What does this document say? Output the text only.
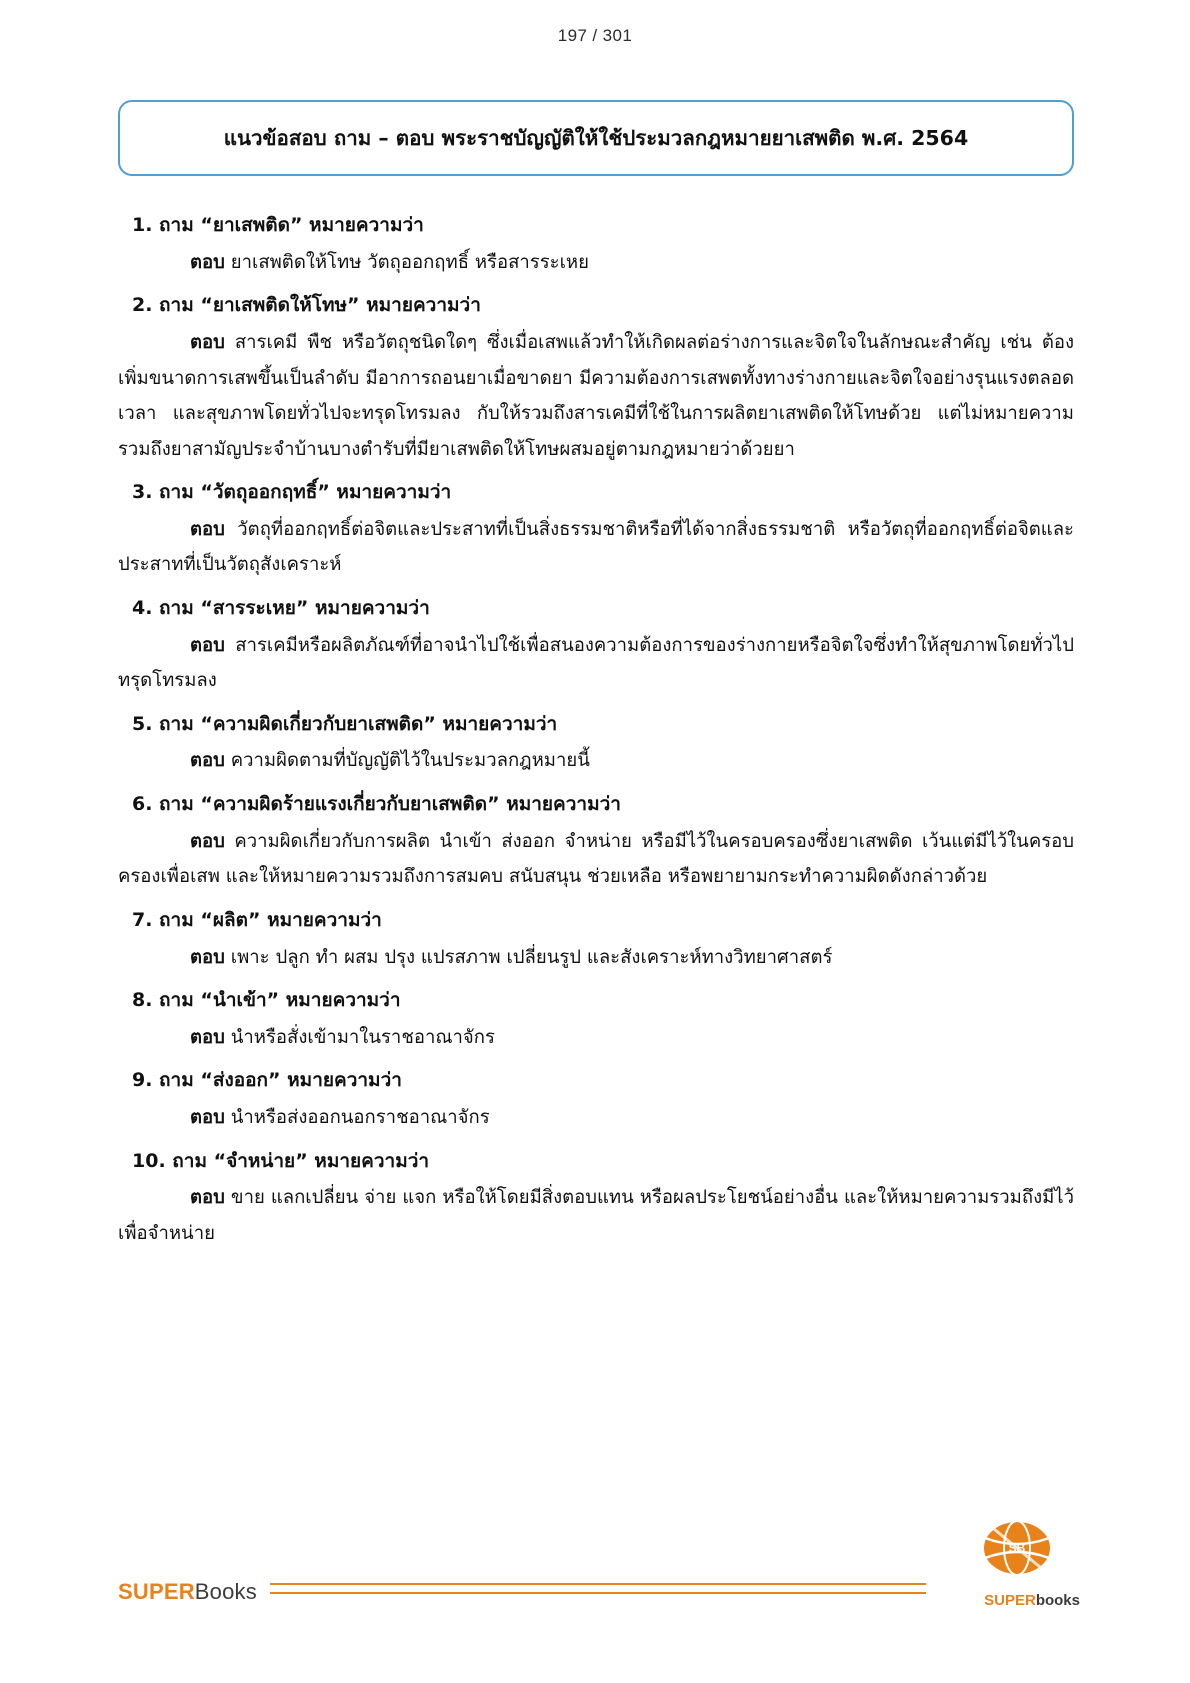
197 / 301
แนวข้อสอบ ถาม – ตอบ พระราชบัญญัติให้ใช้ประมวลกฎหมายยาเสพติด พ.ศ. 2564

1. ถาม “ยาเสพติด” หมายความว่า

ตอบ ยาเสพติดให้โทษ วัตถุออกฤทธิ์ หรือสารระเหย

2. ถาม “ยาเสพติดให้โทษ” หมายความว่า

ตอบ สารเคมี พืช หรือวัตถุชนิดใดๆ ซึ่งเมื่อเสพแล้วทำให้เกิดผลต่อร่างการและจิตใจในลักษณะสำคัญ เช่น ต้องเพิ่มขนาดการเสพขึ้นเป็นลำดับ มีอาการถอนยาเมื่อขาดยา มีความต้องการเสพตทั้งทางร่างกายและจิตใจอย่างรุนแรงตลอดเวลา และสุขภาพโดยทั่วไปจะทรุดโทรมลง กับให้รวมถึงสารเคมีที่ใช้ในการผลิตยาเสพติดให้โทษด้วย แต่ไม่หมายความรวมถึงยาสามัญประจำบ้านบางตำรับที่มียาเสพติดให้โทษผสมอยู่ตามกฎหมายว่าด้วยยา

3. ถาม “วัตถุออกฤทธิ์” หมายความว่า

ตอบ วัตถุที่ออกฤทธิ์ต่อจิตและประสาทที่เป็นสิ่งธรรมชาติหรือที่ได้จากสิ่งธรรมชาติ หรือวัตถุที่ออกฤทธิ์ต่อจิตและประสาทที่เป็นวัตถุสังเคราะห์

4. ถาม “สารระเหย” หมายความว่า

ตอบ สารเคมีหรือผลิตภัณฑ์ที่อาจนำไปใช้เพื่อสนองความต้องการของร่างกายหรือจิตใจซึ่งทำให้สุขภาพโดยทั่วไปทรุดโทรมลง

5. ถาม “ความผิดเกี่ยวกับยาเสพติด” หมายความว่า

ตอบ ความผิดตามที่บัญญัติไว้ในประมวลกฎหมายนี้

6. ถาม “ความผิดร้ายแรงเกี่ยวกับยาเสพติด” หมายความว่า

ตอบ ความผิดเกี่ยวกับการผลิต นำเข้า ส่งออก จำหน่าย หรือมีไว้ในครอบครองซึ่งยาเสพติด เว้นแต่มีไว้ในครอบครองเพื่อเสพ และให้หมายความรวมถึงการสมคบ สนับสนุน ช่วยเหลือ หรือพยายามกระทำความผิดดังกล่าวด้วย

7. ถาม “ผลิต” หมายความว่า

ตอบ เพาะ ปลูก ทำ ผสม ปรุง แปรสภาพ เปลี่ยนรูป และสังเคราะห์ทางวิทยาศาสตร์

8. ถาม “นำเข้า” หมายความว่า

ตอบ นำหรือสั่งเข้ามาในราชอาณาจักร

9. ถาม “ส่งออก” หมายความว่า

ตอบ นำหรือส่งออกนอกราชอาณาจักร

10. ถาม “จำหน่าย” หมายความว่า

ตอบ ขาย แลกเปลี่ยน จ่าย แจก หรือให้โดยมีสิ่งตอบแทน หรือผลประโยชน์อย่างอื่น และให้หมายความรวมถึงมีไว้เพื่อจำหน่าย

SUPERBooks
SB
SUPERbooks
